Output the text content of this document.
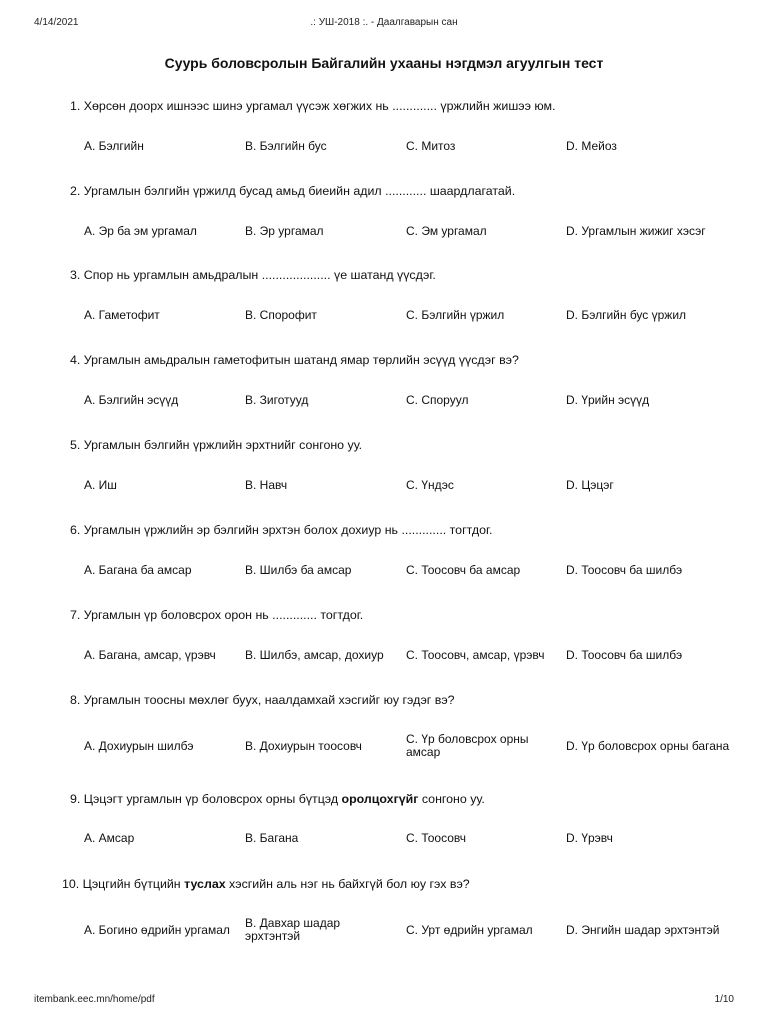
4/14/2021	.: УШ-2018 :. - Даалгаварын сан
Суурь боловсролын Байгалийн ухааны нэгдмэл агуулгын тест
1. Хөрсөн доорх ишнээс шинэ ургамал үүсэж хөгжих нь ............. үржлийн жишээ юм.
2. Ургамлын бэлгийн үржилд бусад амьд биеийн адил ............ шаардлагатай.
3. Спор нь ургамлын амьдралын .................... үе шатанд үүсдэг.
4. Ургамлын амьдралын гаметофитын шатанд ямар төрлийн эсүүд үүсдэг вэ?
5. Ургамлын бэлгийн үржлийн эрхтнийг сонгоно уу.
6. Ургамлын үржлийн эр бэлгийн эрхтэн болох дохиур нь ............. тогтдог.
7. Ургамлын үр боловсрох орон нь ............. тогтдог.
8. Ургамлын тоосны мөхлөг буух, наалдамхай хэсгийг юу гэдэг вэ?
9. Цэцэгт ургамлын үр боловсрох орны бүтцэд оролцохгүйг сонгоно уу.
10. Цэцгийн бүтцийн туслах хэсгийн аль нэг нь байхгүй бол юу гэх вэ?
A. Бэлгийн	B. Бэлгийн бус	C. Митоз	D. Мейоз
A. Эр ба эм ургамал	B. Эр ургамал	C. Эм ургамал	D. Ургамлын жижиг хэсэг
A. Гаметофит	B. Спорофит	C. Бэлгийн үржил	D. Бэлгийн бус үржил
A. Бэлгийн эсүүд	B. Зиготууд	C. Споруул	D. Үрийн эсүүд
A. Иш	B. Навч	C. Үндэс	D. Цэцэг
A. Багана ба амсар	B. Шилбэ ба амсар	C. Тоосовч ба амсар	D. Тоосовч ба шилбэ
A. Багана, амсар, үрэвч	B. Шилбэ, амсар, дохиур	C. Тоосовч, амсар, үрэвч	D. Тоосовч ба шилбэ
A. Дохиурын шилбэ	B. Дохиурын тоосовч	C. Үр боловсрох орны амсар	D. Үр боловсрох орны багана
A. Амсар	B. Багана	C. Тоосовч	D. Үрэвч
A. Богино өдрийн ургамал	B. Давхар шадар эрхтэнтэй	C. Урт өдрийн ургамал	D. Энгийн шадар эрхтэнтэй
itembank.eec.mn/home/pdf	1/10
